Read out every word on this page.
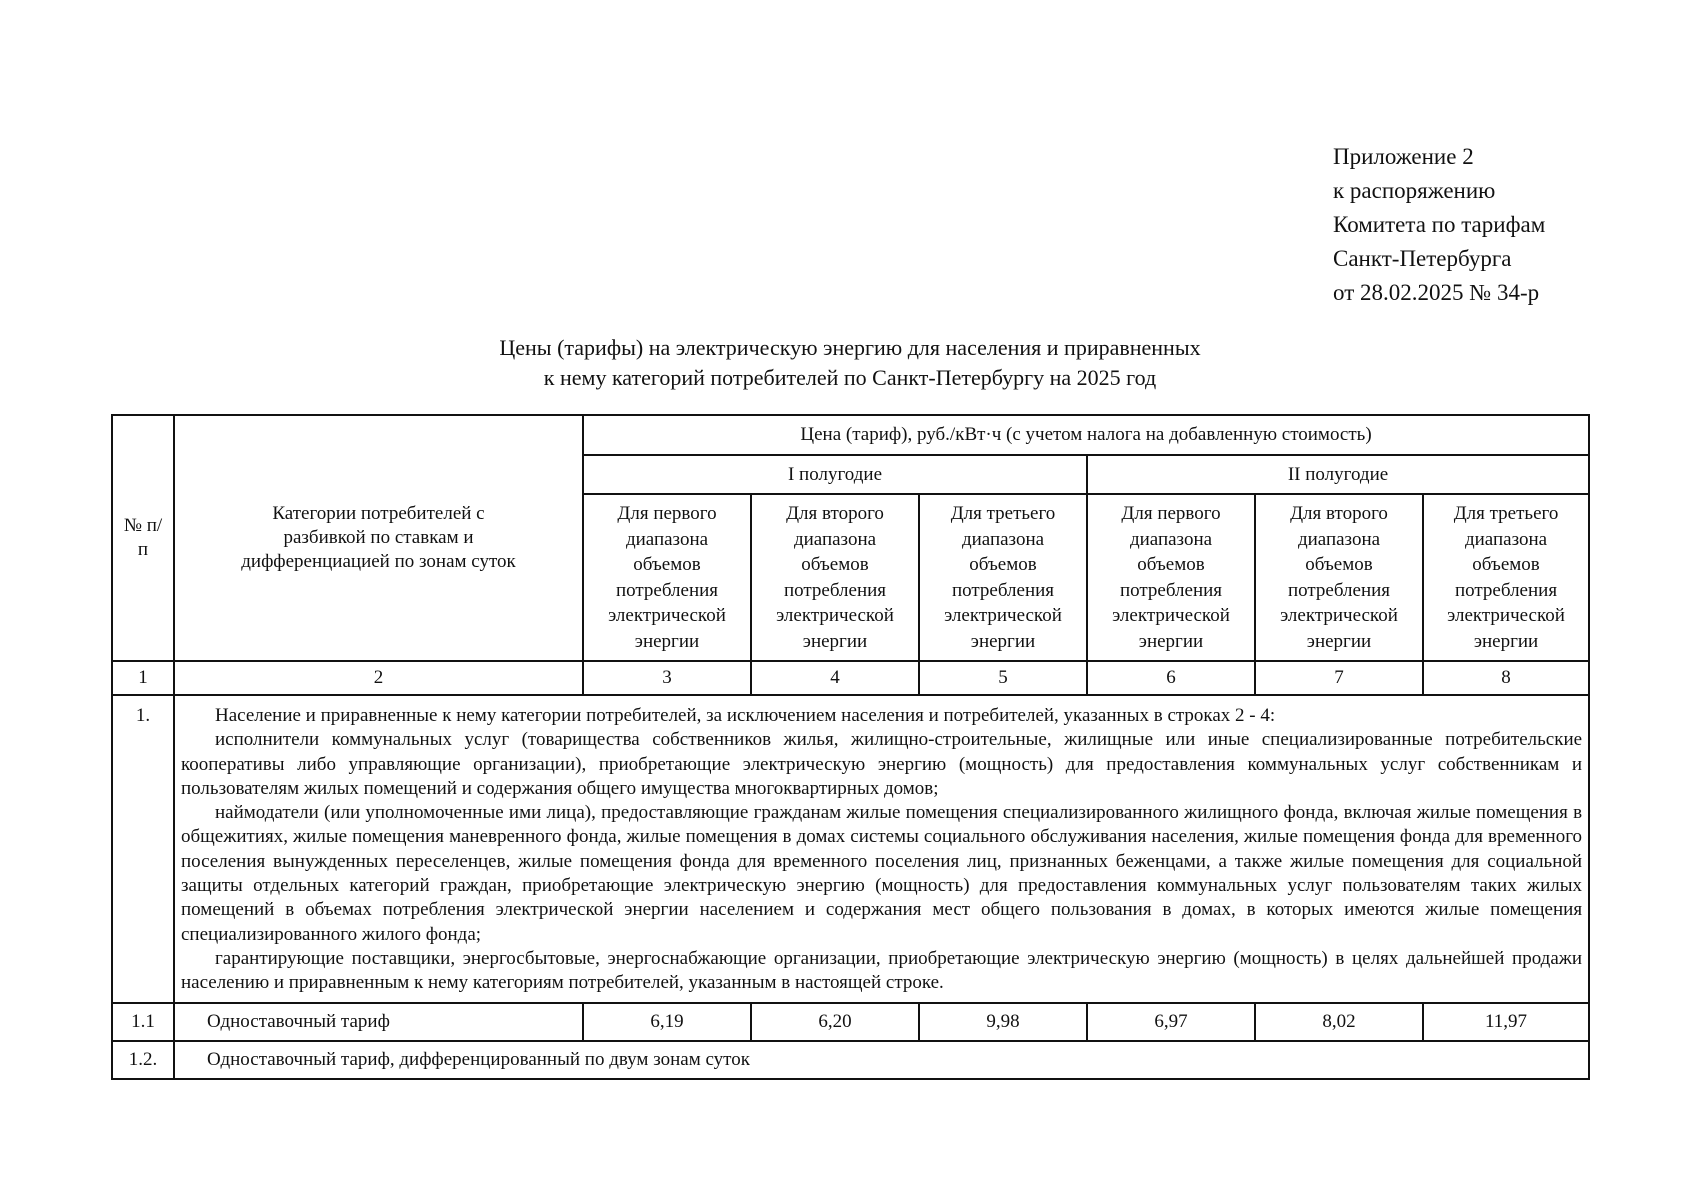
Приложение 2
к распоряжению
Комитета по тарифам
Санкт-Петербурга
от 28.02.2025 № 34-р
Цены (тарифы) на электрическую энергию для населения и приравненных
к нему категорий потребителей по Санкт-Петербургу на 2025 год
№ п/п	Категории потребителей с разбивкой по ставкам и дифференциацией по зонам суток	Цена (тариф), руб./кВт·ч (с учетом налога на добавленную стоимость)					
		I полугодие			II полугодие		
		Для первого диапазона объемов потребления электрической энергии	Для второго диапазона объемов потребления электрической энергии	Для третьего диапазона объемов потребления электрической энергии	Для первого диапазона объемов потребления электрической энергии	Для второго диапазона объемов потребления электрической энергии	Для третьего диапазона объемов потребления электрической энергии
1	2	3	4	5	6	7	8
1.	Население и приравненные к нему категории потребителей, за исключением населения и потребителей, указанных в строках 2 - 4:

исполнители коммунальных услуг (товарищества собственников жилья, жилищно-строительные, жилищные или иные специализированные потребительские кооперативы либо управляющие организации), приобретающие электрическую энергию (мощность) для предоставления коммунальных услуг собственникам и пользователям жилых помещений и содержания общего имущества многоквартирных домов;

наймодатели (или уполномоченные ими лица), предоставляющие гражданам жилые помещения специализированного жилищного фонда, включая жилые помещения в общежитиях, жилые помещения маневренного фонда, жилые помещения в домах системы социального обслуживания населения, жилые помещения фонда для временного поселения вынужденных переселенцев, жилые помещения фонда для временного поселения лиц, признанных беженцами, а также жилые помещения для социальной защиты отдельных категорий граждан, приобретающие электрическую энергию (мощность) для предоставления коммунальных услуг пользователям таких жилых помещений в объемах потребления электрической энергии населением и содержания мест общего пользования в домах, в которых имеются жилые помещения специализированного жилого фонда;

гарантирующие поставщики, энергосбытовые, энергоснабжающие организации, приобретающие электрическую энергию (мощность) в целях дальнейшей продажи населению и приравненным к нему категориям потребителей, указанным в настоящей строке.						

1.1	Одноставочный тариф	6,19	6,20	9,98	6,97	8,02	11,97
1.2.	Одноставочный тариф, дифференцированный по двум зонам суток						
